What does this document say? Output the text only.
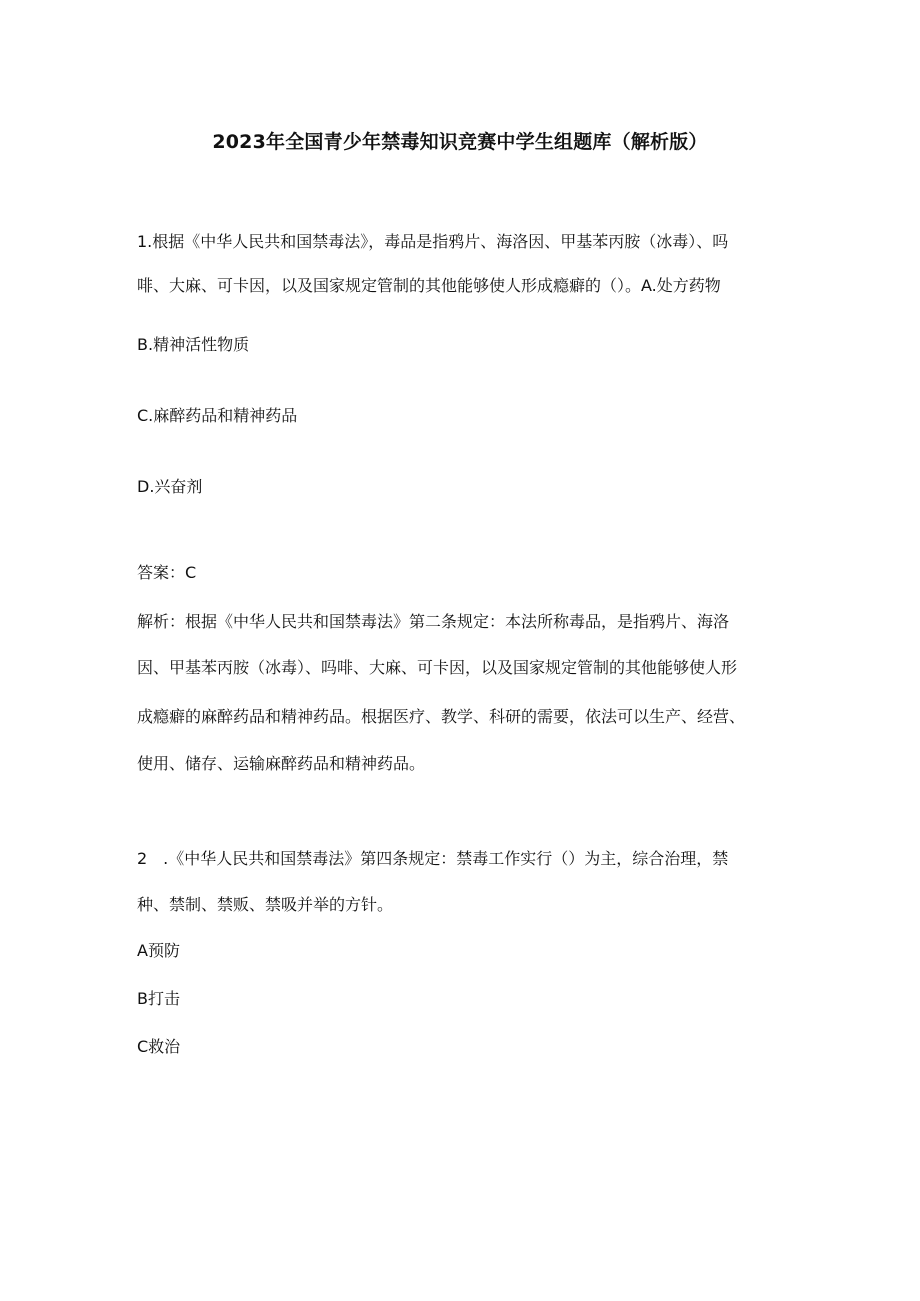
2023年全国青少年禁毒知识竞赛中学生组题库（解析版）
1.根据《中华人民共和国禁毒法》，毒品是指鸦片、海洛因、甲基苯丙胺（冰毒）、吗
啡、大麻、可卡因，以及国家规定管制的其他能够使人形成瘾癖的（）。A.处方药物
B.精神活性物质
C.麻醉药品和精神药品
D.兴奋剂
答案：C
解析：根据《中华人民共和国禁毒法》第二条规定：本法所称毒品，是指鸦片、海洛
因、甲基苯丙胺（冰毒）、吗啡、大麻、可卡因，以及国家规定管制的其他能够使人形
成瘾癖的麻醉药品和精神药品。根据医疗、教学、科研的需要，依法可以生产、经营、
使用、储存、运输麻醉药品和精神药品。
2　.《中华人民共和国禁毒法》第四条规定：禁毒工作实行（）为主，综合治理，禁
种、禁制、禁贩、禁吸并举的方针。
A预防
B打击
C救治
